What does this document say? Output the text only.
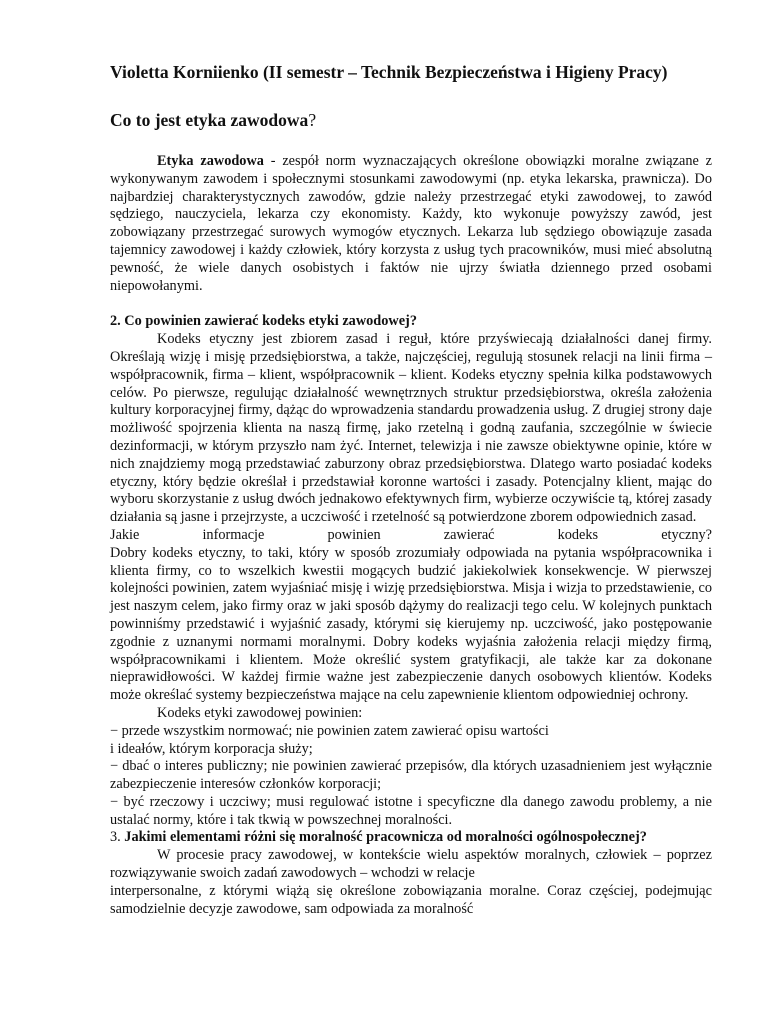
Violetta Korniienko (II semestr – Technik Bezpieczeństwa i Higieny Pracy)
Co to jest etyka zawodowa?

Etyka zawodowa - zespół norm wyznaczających określone obowiązki moralne związane z wykonywanym zawodem i społecznymi stosunkami zawodowymi (np. etyka lekarska, prawnicza). Do najbardziej charakterystycznych zawodów, gdzie należy przestrzegać etyki zawodowej, to zawód sędziego, nauczyciela, lekarza czy ekonomisty. Każdy, kto wykonuje powyższy zawód, jest zobowiązany przestrzegać surowych wymogów etycznych. Lekarza lub sędziego obowiązuje zasada tajemnicy zawodowej i każdy człowiek, który korzysta z usług tych pracowników, musi mieć absolutną pewność, że wiele danych osobistych i faktów nie ujrzy światła dziennego przed osobami niepowołanymi.

2. Co powinien zawierać kodeks etyki zawodowej?

Kodeks etyczny jest zbiorem zasad i reguł, które przyświecają działalności danej firmy. Określają wizję i misję przedsiębiorstwa, a także, najczęściej, regulują stosunek relacji na linii firma – współpracownik, firma – klient, współpracownik – klient. Kodeks etyczny spełnia kilka podstawowych celów. Po pierwsze, regulując działalność wewnętrznych struktur przedsiębiorstwa, określa założenia kultury korporacyjnej firmy, dążąc do wprowadzenia standardu prowadzenia usług. Z drugiej strony daje możliwość spojrzenia klienta na naszą firmę, jako rzetelną i godną zaufania, szczególnie w świecie dezinformacji, w którym przyszło nam żyć. Internet, telewizja i nie zawsze obiektywne opinie, które w nich znajdziemy mogą przedstawiać zaburzony obraz przedsiębiorstwa. Dlatego warto posiadać kodeks etyczny, który będzie określał i przedstawiał koronne wartości i zasady. Potencjalny klient, mając do wyboru skorzystanie z usług dwóch jednakowo efektywnych firm, wybierze oczywiście tą, której zasady działania są jasne i przejrzyste, a uczciwość i rzetelność są potwierdzone zborem odpowiednich zasad.

Jakie informacje powinien zawierać kodeks etyczny?

Dobry kodeks etyczny, to taki, który w sposób zrozumiały odpowiada na pytania współpracownika i klienta firmy, co to wszelkich kwestii mogących budzić jakiekolwiek konsekwencje. W pierwszej kolejności powinien, zatem wyjaśniać misję i wizję przedsiębiorstwa. Misja i wizja to przedstawienie, co jest naszym celem, jako firmy oraz w jaki sposób dążymy do realizacji tego celu. W kolejnych punktach powinniśmy przedstawić i wyjaśnić zasady, którymi się kierujemy np. uczciwość, jako postępowanie zgodnie z uznanymi normami moralnymi. Dobry kodeks wyjaśnia założenia relacji między firmą, współpracownikami i klientem. Może określić system gratyfikacji, ale także kar za dokonane nieprawidłowości. W każdej firmie ważne jest zabezpieczenie danych osobowych klientów. Kodeks może określać systemy bezpieczeństwa mające na celu zapewnienie klientom odpowiedniej ochrony.

Kodeks etyki zawodowej powinien:

− przede wszystkim normować; nie powinien zatem zawierać opisu wartości

i ideałów, którym korporacja służy;

− dbać o interes publiczny; nie powinien zawierać przepisów, dla których uzasadnieniem jest wyłącznie zabezpieczenie interesów członków korporacji;

− być rzeczowy i uczciwy; musi regulować istotne i specyficzne dla danego zawodu problemy, a nie ustalać normy, które i tak tkwią w powszechnej moralności.

3. Jakimi elementami różni się moralność pracownicza od moralności ogólnospołecznej?

W procesie pracy zawodowej, w kontekście wielu aspektów moralnych, człowiek – poprzez rozwiązywanie swoich zadań zawodowych – wchodzi w relacje

interpersonalne, z którymi wiążą się określone zobowiązania moralne. Coraz częściej, podejmując samodzielnie decyzje zawodowe, sam odpowiada za moralność
